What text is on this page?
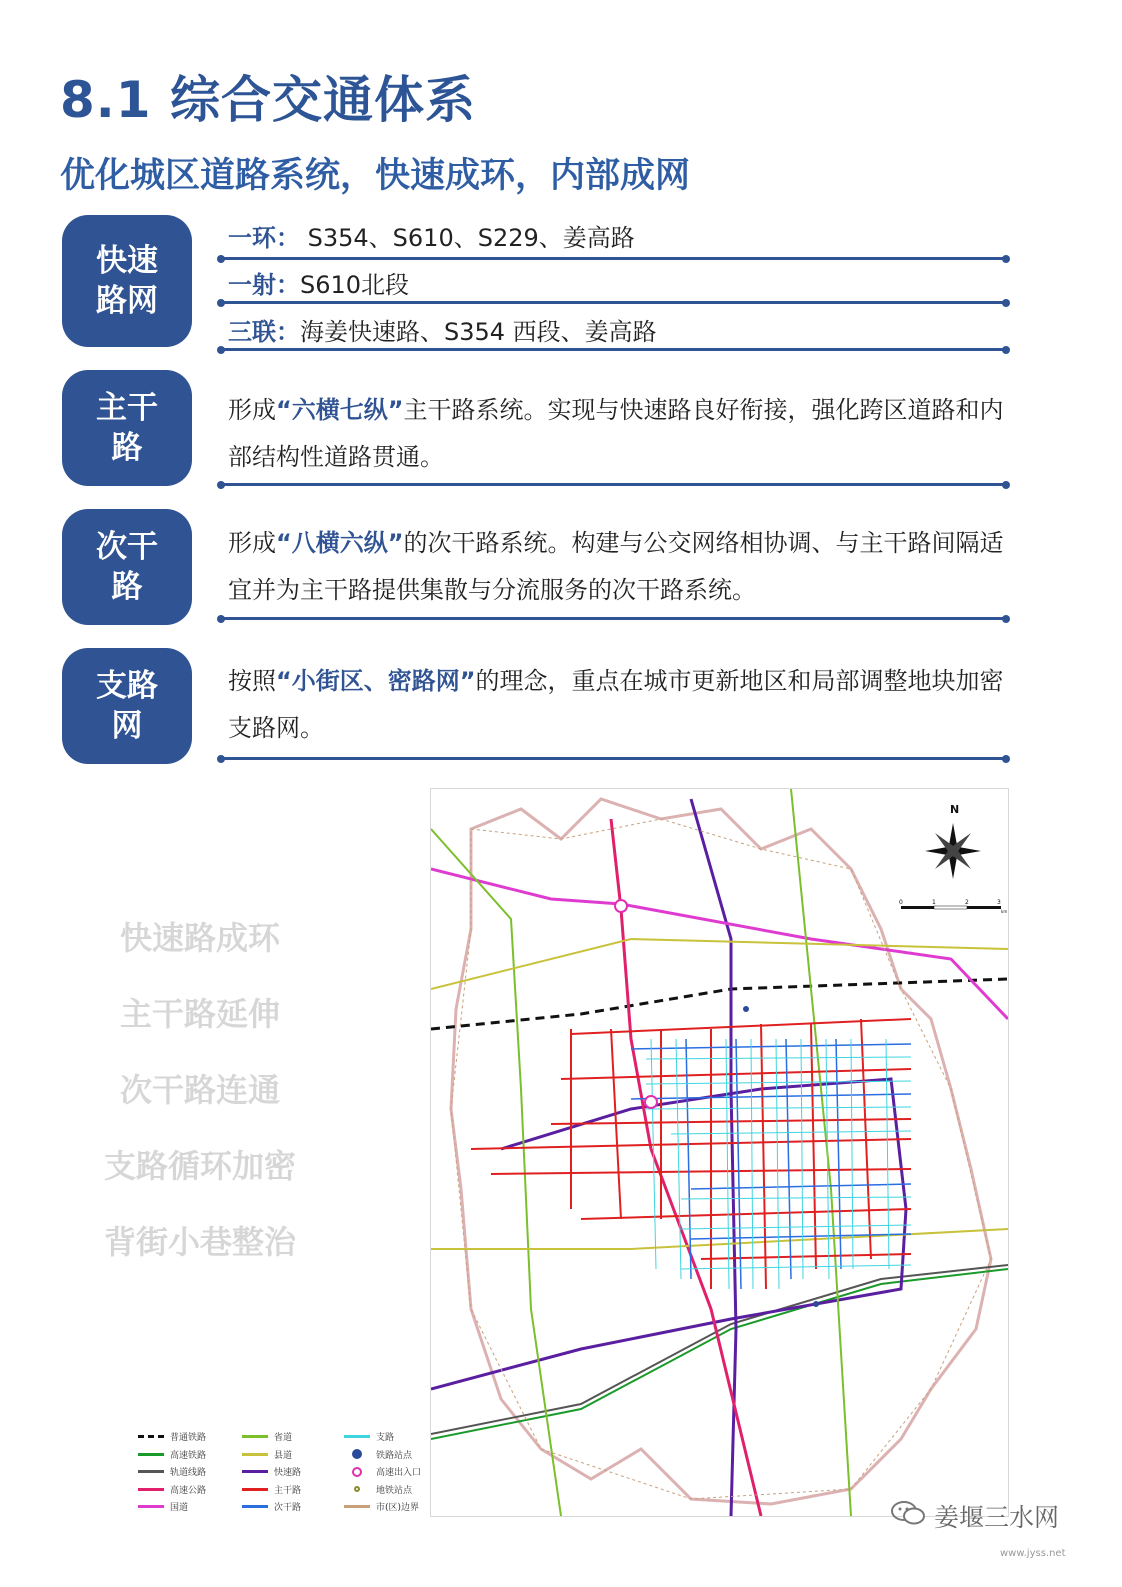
8.1 综合交通体系
优化城区道路系统，快速成环，内部成网
快速
路网
一环： S354、S610、S229、姜高路
一射：S610北段
三联：海姜快速路、S354 西段、姜高路
主干
路
形成“六横七纵”主干路系统。实现与快速路良好衔接，强化跨区道路和内部结构性道路贯通。
次干
路
形成“八横六纵”的次干路系统。构建与公交网络相协调、与主干路间隔适宜并为主干路提供集散与分流服务的次干路系统。
支路
网
按照“小街区、密路网”的理念，重点在城市更新地区和局部调整地块加密支路网。
快速路成环
主干路延伸
次干路连通
支路循环加密
背街小巷整治
N
0	1	2	3
km
普通铁路
高速铁路
轨道线路
高速公路
国道
省道
县道
快速路
主干路
次干路
支路
铁路站点
高速出入口
地铁站点
市(区)边界	姜堰三水网
www.jyss.net
